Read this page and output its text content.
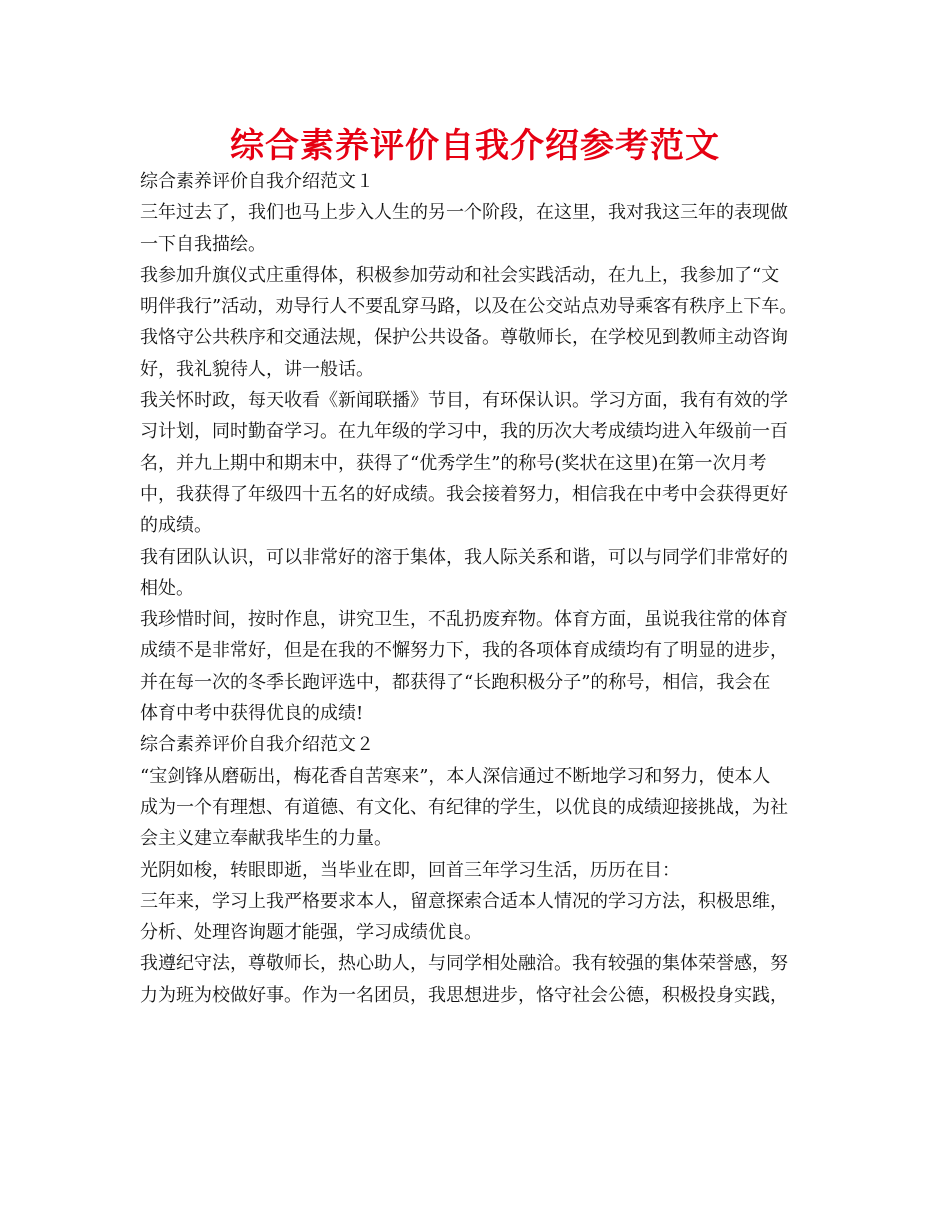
综合素养评价自我介绍参考范文
综合素养评价自我介绍范文１
三年过去了，我们也马上步入人生的另一个阶段，在这里，我对我这三年的表现做
一下自我描绘。
我参加升旗仪式庄重得体，积极参加劳动和社会实践活动，在九上，我参加了“文
明伴我行”活动，劝导行人不要乱穿马路，以及在公交站点劝导乘客有秩序上下车。
我恪守公共秩序和交通法规，保护公共设备。尊敬师长，在学校见到教师主动咨询
好，我礼貌待人，讲一般话。
我关怀时政，每天收看《新闻联播》节目，有环保认识。学习方面，我有有效的学
习计划，同时勤奋学习。在九年级的学习中，我的历次大考成绩均进入年级前一百
名，并九上期中和期末中，获得了“优秀学生”的称号(奖状在这里)在第一次月考
中，我获得了年级四十五名的好成绩。我会接着努力，相信我在中考中会获得更好
的成绩。
我有团队认识，可以非常好的溶于集体，我人际关系和谐，可以与同学们非常好的
相处。
我珍惜时间，按时作息，讲究卫生，不乱扔废弃物。体育方面，虽说我往常的体育
成绩不是非常好，但是在我的不懈努力下，我的各项体育成绩均有了明显的进步，
并在每一次的冬季长跑评选中，都获得了“长跑积极分子”的称号，相信，我会在
体育中考中获得优良的成绩!
综合素养评价自我介绍范文２
“宝剑锋从磨砺出，梅花香自苦寒来”，本人深信通过不断地学习和努力，使本人
成为一个有理想、有道德、有文化、有纪律的学生，以优良的成绩迎接挑战，为社
会主义建立奉献我毕生的力量。
光阴如梭，转眼即逝，当毕业在即，回首三年学习生活，历历在目：
三年来，学习上我严格要求本人，留意探索合适本人情况的学习方法，积极思维，
分析、处理咨询题才能强，学习成绩优良。
我遵纪守法，尊敬师长，热心助人，与同学相处融洽。我有较强的集体荣誉感，努
力为班为校做好事。作为一名团员，我思想进步，恪守社会公德，积极投身实践，
